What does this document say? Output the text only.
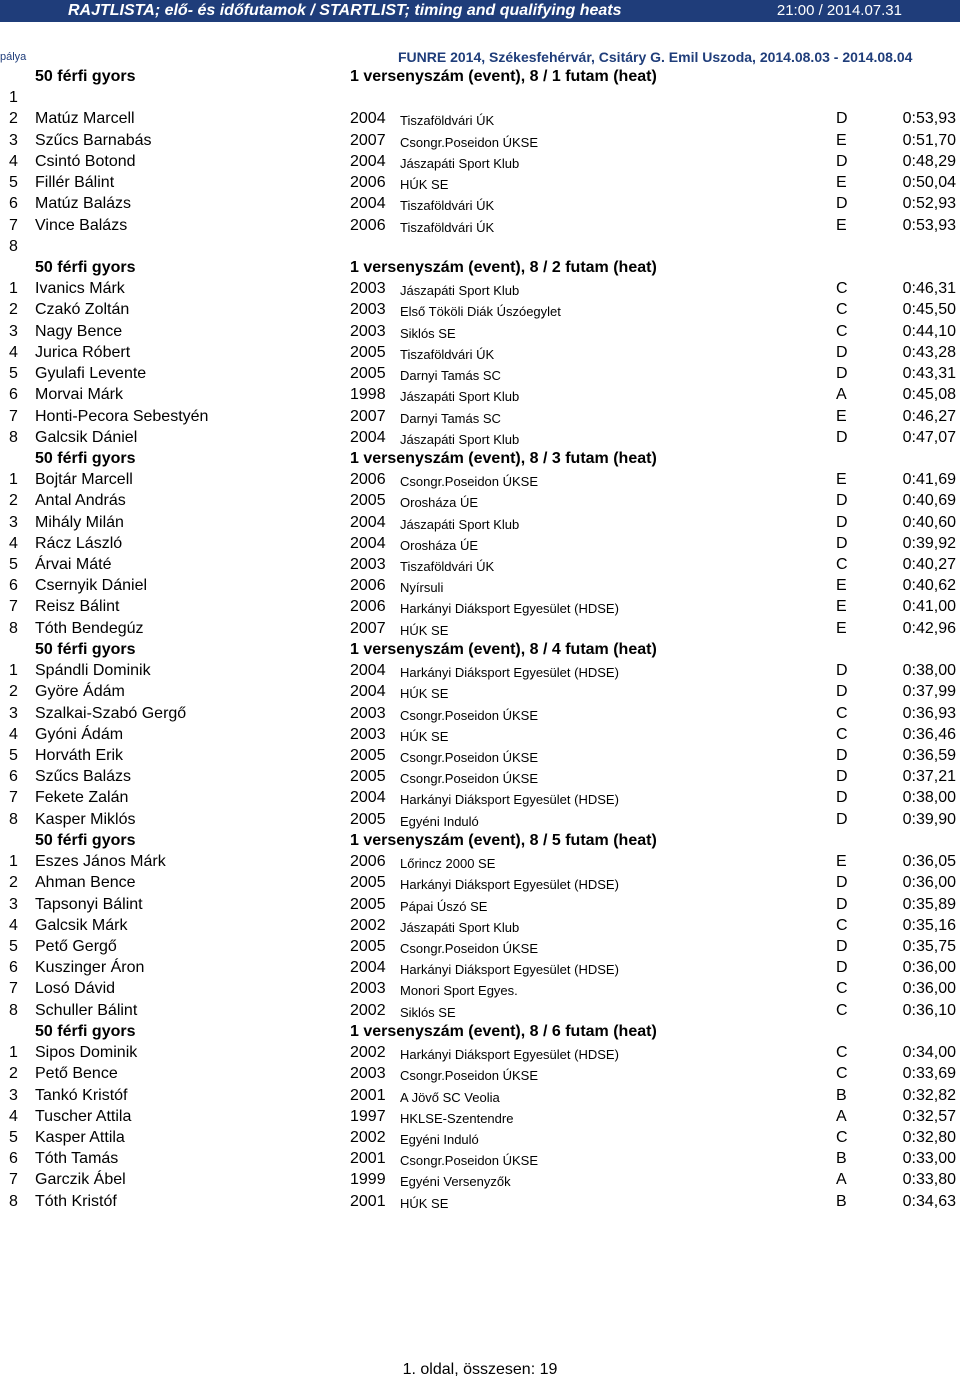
RAJTLISTA; elő- és időfutamok / STARTLIST; timing and qualifying heats	21:00 / 2014.07.31
pálya	FUNRE 2014, Székesfehérvár, Csitáry G. Emil Uszoda, 2014.08.03 - 2014.08.04
50 férfi gyors	1 versenyszám (event), 8 / 1 futam (heat)
1
2 Matúz Marcell	2004 Tiszaföldvári ÚK	D	0:53,93
3 Szűcs Barnabás	2007 Csongr.Poseidon ÚKSE	E	0:51,70
4 Csintó Botond	2004 Jászapáti Sport Klub	D	0:48,29
5 Fillér Bálint	2006 HÚK SE	E	0:50,04
6 Matúz Balázs	2004 Tiszaföldvári ÚK	D	0:52,93
7 Vince Balázs	2006 Tiszaföldvári ÚK	E	0:53,93
8
50 férfi gyors	1 versenyszám (event), 8 / 2 futam (heat)
1 Ivanics Márk	2003 Jászapáti Sport Klub	C	0:46,31
2 Czakó Zoltán	2003 Első Tököli Diák Úszóegylet	C	0:45,50
3 Nagy Bence	2003 Siklós SE	C	0:44,10
4 Jurica Róbert	2005 Tiszaföldvári ÚK	D	0:43,28
5 Gyulafi Levente	2005 Darnyi Tamás SC	D	0:43,31
6 Morvai Márk	1998 Jászapáti Sport Klub	A	0:45,08
7 Honti-Pecora Sebestyén	2007 Darnyi Tamás SC	E	0:46,27
8 Galcsik Dániel	2004 Jászapáti Sport Klub	D	0:47,07
50 férfi gyors	1 versenyszám (event), 8 / 3 futam (heat)
1 Bojtár Marcell	2006 Csongr.Poseidon ÚKSE	E	0:41,69
2 Antal András	2005 Orosháza ÚE	D	0:40,69
3 Mihály Milán	2004 Jászapáti Sport Klub	D	0:40,60
4 Rácz László	2004 Orosháza ÚE	D	0:39,92
5 Árvai Máté	2003 Tiszaföldvári ÚK	C	0:40,27
6 Csernyik Dániel	2006 Nyírsuli	E	0:40,62
7 Reisz Bálint	2006 Harkányi Diáksport Egyesület (HDSE)	E	0:41,00
8 Tóth Bendegúz	2007 HÚK SE	E	0:42,96
50 férfi gyors	1 versenyszám (event), 8 / 4 futam (heat)
1 Spándli Dominik	2004 Harkányi Diáksport Egyesület (HDSE)	D	0:38,00
2 Györe Ádám	2004 HÚK SE	D	0:37,99
3 Szalkai-Szabó Gergő	2003 Csongr.Poseidon ÚKSE	C	0:36,93
4 Gyóni Ádám	2003 HÚK SE	C	0:36,46
5 Horváth Erik	2005 Csongr.Poseidon ÚKSE	D	0:36,59
6 Szűcs Balázs	2005 Csongr.Poseidon ÚKSE	D	0:37,21
7 Fekete Zalán	2004 Harkányi Diáksport Egyesület (HDSE)	D	0:38,00
8 Kasper Miklós	2005 Egyéni Induló	D	0:39,90
50 férfi gyors	1 versenyszám (event), 8 / 5 futam (heat)
1 Eszes János Márk	2006 Lőrincz 2000 SE	E	0:36,05
2 Ahman Bence	2005 Harkányi Diáksport Egyesület (HDSE)	D	0:36,00
3 Tapsonyi Bálint	2005 Pápai Úszó SE	D	0:35,89
4 Galcsik Márk	2002 Jászapáti Sport Klub	C	0:35,16
5 Pető Gergő	2005 Csongr.Poseidon ÚKSE	D	0:35,75
6 Kuszinger Áron	2004 Harkányi Diáksport Egyesület (HDSE)	D	0:36,00
7 Losó Dávid	2003 Monori Sport Egyes.	C	0:36,00
8 Schuller Bálint	2002 Siklós SE	C	0:36,10
50 férfi gyors	1 versenyszám (event), 8 / 6 futam (heat)
1 Sipos Dominik	2002 Harkányi Diáksport Egyesület (HDSE)	C	0:34,00
2 Pető Bence	2003 Csongr.Poseidon ÚKSE	C	0:33,69
3 Tankó Kristóf	2001 A Jövő SC Veolia	B	0:32,82
4 Tuscher Attila	1997 HKLSE-Szentendre	A	0:32,57
5 Kasper Attila	2002 Egyéni Induló	C	0:32,80
6 Tóth Tamás	2001 Csongr.Poseidon ÚKSE	B	0:33,00
7 Garczik Ábel	1999 Egyéni Versenyzők	A	0:33,80
8 Tóth Kristóf	2001 HÚK SE	B	0:34,63
1. oldal, összesen: 19
